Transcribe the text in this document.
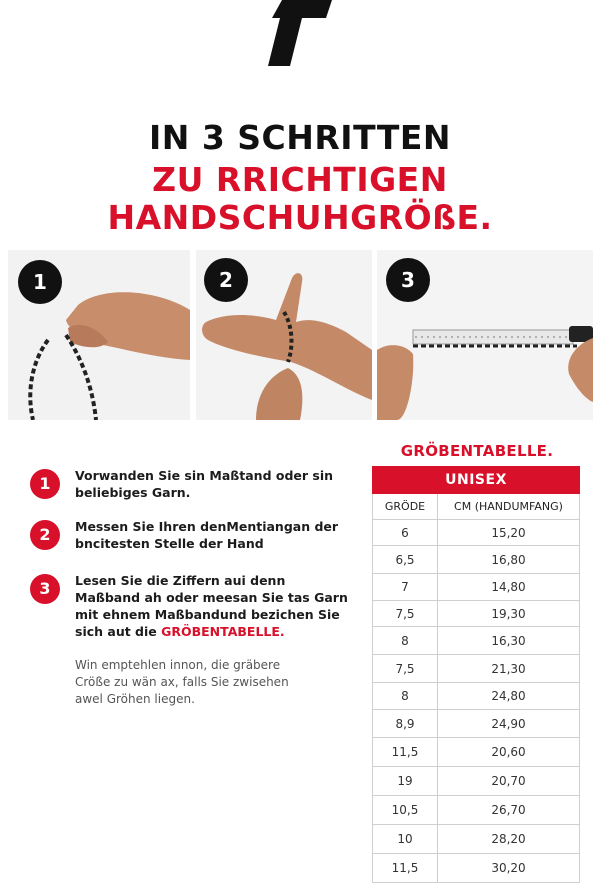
IN 3 SCHRITTEN
ZU RRICHTIGEN
HANDSCHUHGRÖßE.
1	2	3
1	Vorwanden Sie sin Maßtand oder sin beliebiges Garn.
2	Messen Sie Ihren denMentiangan der bncitesten Stelle der Hand
3	Lesen Sie die Ziffern aui denn Maßband ah oder meesan Sie tas Garn mit ehnem Maßbandund bezichen Sie sich aut die GRÖBENTABELLE.
Win emptehlen innon, die gräbere Cröße zu wän ax, falls Sie zwisehen awel Gröhen liegen.
GRÖBENTABELLE.
UNISEX
GRÖDE	CM (HANDUMFANG)
6	15,20
6,5	16,80
7	14,80
7,5	19,30
8	16,30
7,5	21,30
8	24,80
8,9	24,90
11,5	20,60
19	20,70
10,5	26,70
10	28,20
11,5	30,20
